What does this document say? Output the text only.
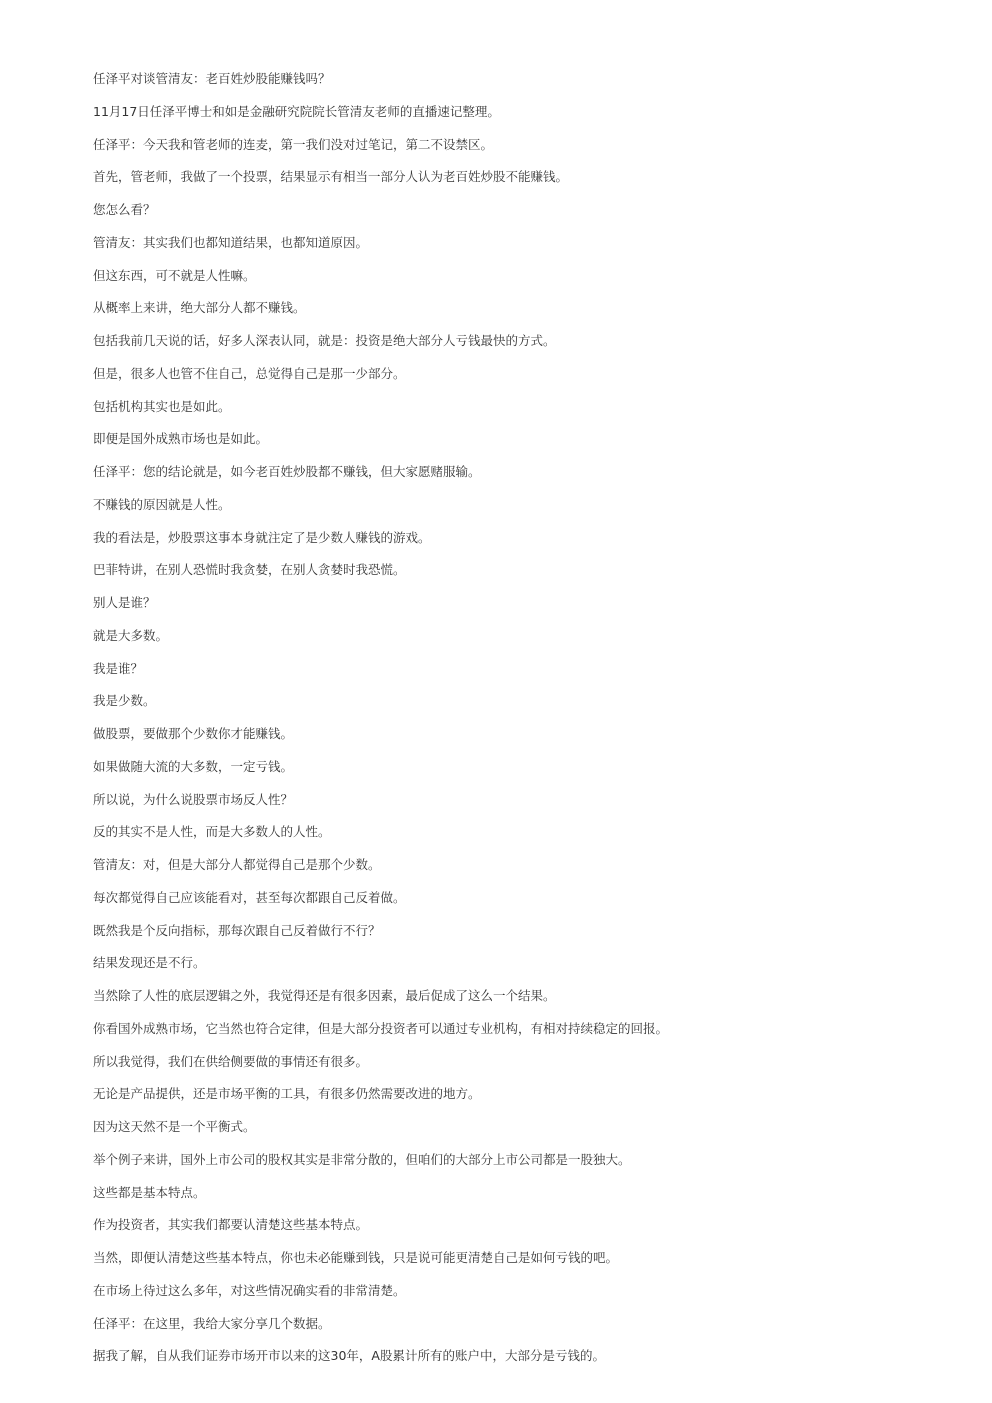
任泽平对谈管清友：老百姓炒股能赚钱吗？

11月17日任泽平博士和如是金融研究院院长管清友老师的直播速记整理。

任泽平：今天我和管老师的连麦，第一我们没对过笔记，第二不设禁区。

首先，管老师，我做了一个投票，结果显示有相当一部分人认为老百姓炒股不能赚钱。

您怎么看？

管清友：其实我们也都知道结果，也都知道原因。

但这东西，可不就是人性嘛。

从概率上来讲，绝大部分人都不赚钱。

包括我前几天说的话，好多人深表认同，就是：投资是绝大部分人亏钱最快的方式。

但是，很多人也管不住自己，总觉得自己是那一少部分。

包括机构其实也是如此。

即便是国外成熟市场也是如此。

任泽平：您的结论就是，如今老百姓炒股都不赚钱，但大家愿赌服输。

不赚钱的原因就是人性。

我的看法是，炒股票这事本身就注定了是少数人赚钱的游戏。

巴菲特讲，在别人恐慌时我贪婪，在别人贪婪时我恐慌。

别人是谁？

就是大多数。

我是谁？

我是少数。

做股票，要做那个少数你才能赚钱。

如果做随大流的大多数，一定亏钱。

所以说，为什么说股票市场反人性？

反的其实不是人性，而是大多数人的人性。

管清友：对，但是大部分人都觉得自己是那个少数。

每次都觉得自己应该能看对，甚至每次都跟自己反着做。

既然我是个反向指标，那每次跟自己反着做行不行？

结果发现还是不行。

当然除了人性的底层逻辑之外，我觉得还是有很多因素，最后促成了这么一个结果。

你看国外成熟市场，它当然也符合定律，但是大部分投资者可以通过专业机构，有相对持续稳定的回报。

所以我觉得，我们在供给侧要做的事情还有很多。

无论是产品提供，还是市场平衡的工具，有很多仍然需要改进的地方。

因为这天然不是一个平衡式。

举个例子来讲，国外上市公司的股权其实是非常分散的，但咱们的大部分上市公司都是一股独大。

这些都是基本特点。

作为投资者，其实我们都要认清楚这些基本特点。

当然，即便认清楚这些基本特点，你也未必能赚到钱，只是说可能更清楚自己是如何亏钱的吧。

在市场上待过这么多年，对这些情况确实看的非常清楚。

任泽平：在这里，我给大家分享几个数据。

据我了解，自从我们证券市场开市以来的这30年，A股累计所有的账户中，大部分是亏钱的。
